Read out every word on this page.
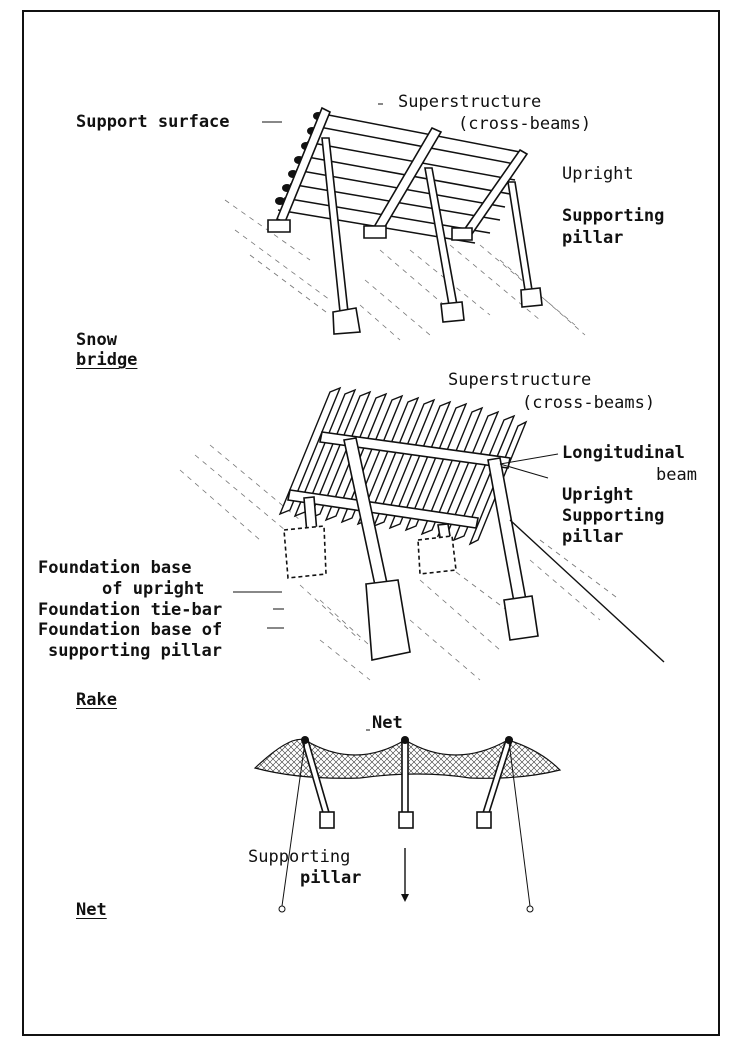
Support surface
Superstructure
(cross-beams)
Upright
Supporting
pillar
Snow
bridge
Superstructure
(cross-beams)
Longitudinal
beam
Upright
Supporting
pillar
Foundation base
of upright
Foundation tie-bar
Foundation base of
supporting pillar
Rake
Net
Supporting
pillar
Net
